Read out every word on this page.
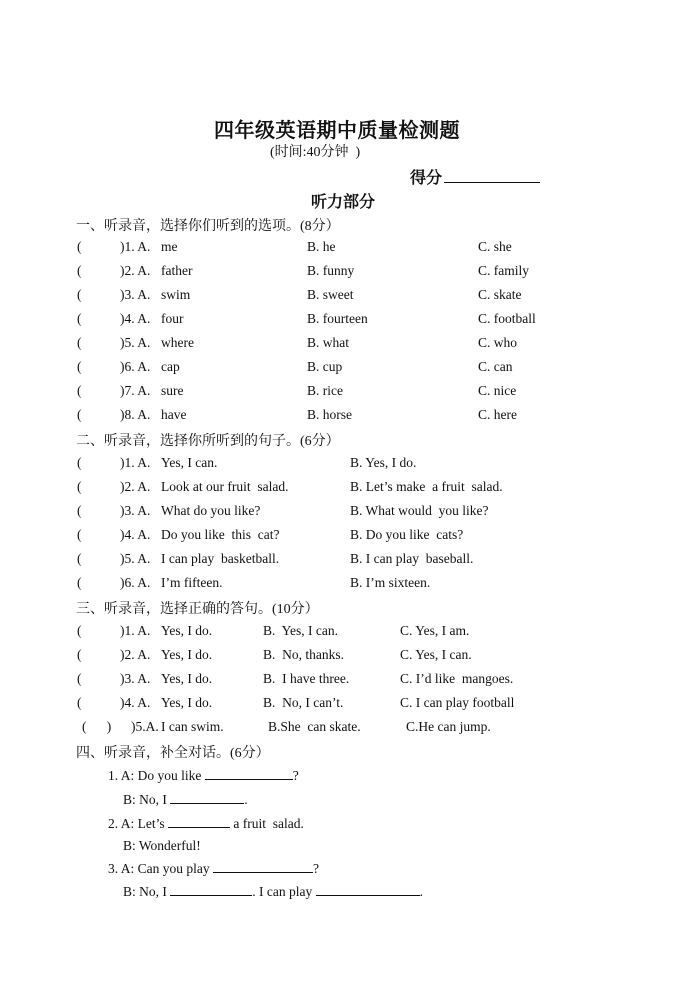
四年级英语期中质量检测题
(时间:40分钟  )
得分
听力部分
一、听录音，选择你们听到的选项。(8分）
(	)1. A. me	B. he	C. she
(	)2. A. father	B. funny	C. family
(	)3. A. swim	B. sweet	C. skate
(	)4. A. four	B. fourteen	C. football
(	)5. A. where	B. what	C. who
(	)6. A. cap	B. cup	C. can
(	)7. A. sure	B. rice	C. nice
(	)8. A. have	B. horse	C. here
二、听录音，选择你所听到的句子。(6分）
(	)1. A. Yes, I can.	B. Yes, I do.
(	)2. A. Look at our fruit  salad.	B. Let’s make  a fruit  salad.
(	)3. A. What do you like?	B. What would  you like?
(	)4. A. Do you like  this  cat?	B. Do you like  cats?
(	)5. A. I can play  basketball.	B. I can play  baseball.
(	)6. A. I’m fifteen.	B. I’m sixteen.
三、听录音，选择正确的答句。(10分）
(	)1. A. Yes, I do.	B.  Yes, I can.	C. Yes, I am.
(	)2. A. Yes, I do.	B.  No, thanks.	C. Yes, I can.
(	)3. A. Yes, I do.	B.  I have three.	C. I’d like  mangoes.
(	)4. A. Yes, I do.	B.  No, I can’t.	C. I can play football
(      ) )5.A. I can swim.	B.She  can skate.	C.He can jump.
四、听录音，补全对话。(6分）
1. A: Do you like	?
B: No, I	.
2. A: Let’s	a fruit  salad.
B: Wonderful!
3. A: Can you play	?
B: No, I	. I can play	.
